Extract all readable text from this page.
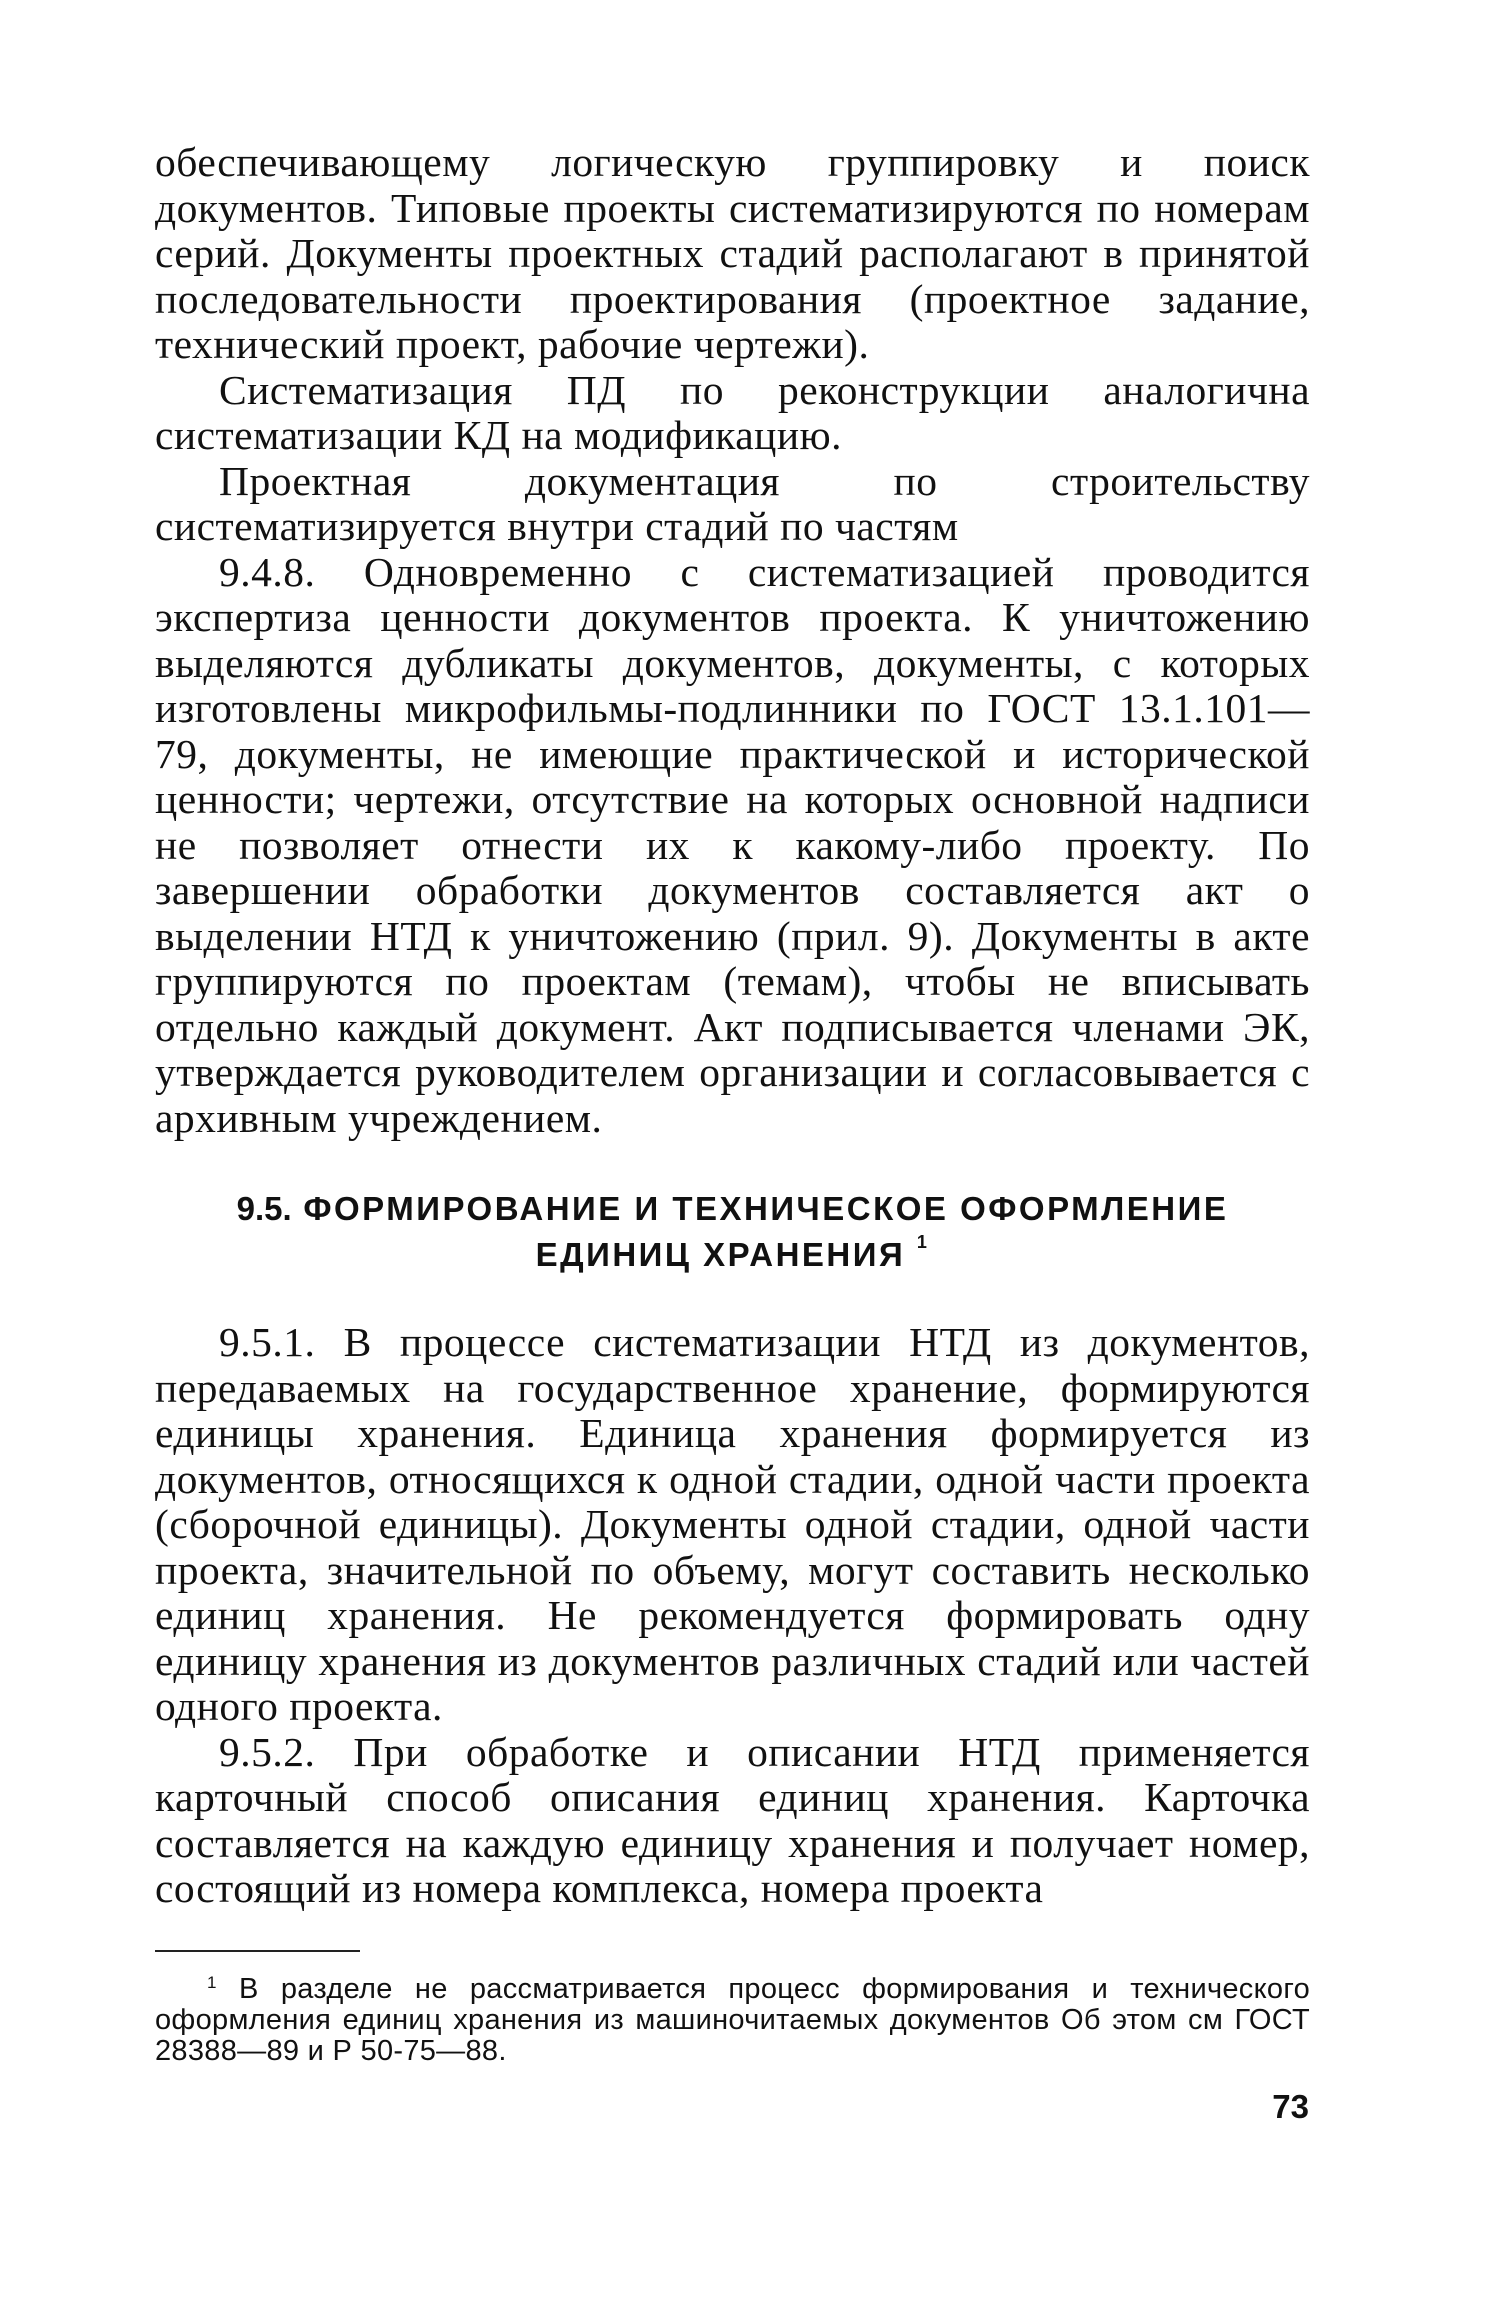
обеспечивающему логическую группировку и поиск документов. Типовые проекты систематизируются по номерам серий. Документы проектных стадий располагают в принятой последовательности проектирования (проектное задание, технический проект, рабочие чертежи).

Систематизация ПД по реконструкции аналогична систематизации КД на модификацию.

Проектная документация по строительству систематизируется внутри стадий по частям

9.4.8. Одновременно с систематизацией проводится экспертиза ценности документов проекта. К уничтожению выделяются дубликаты документов, документы, с которых изготовлены микрофильмы-подлинники по ГОСТ 13.1.101—79, документы, не имеющие практической и исторической ценности; чертежи, отсутствие на которых основной надписи не позволяет отнести их к какому-либо проекту. По завершении обработки документов составляется акт о выделении НТД к уничтожению (прил. 9). Документы в акте группируются по проектам (темам), чтобы не вписывать отдельно каждый документ. Акт подписывается членами ЭК, утверждается руководителем организации и согласовывается с архивным учреждением.

9.5. ФОРМИРОВАНИЕ И ТЕХНИЧЕСКОЕ ОФОРМЛЕНИЕ
ЕДИНИЦ ХРАНЕНИЯ $^1$

9.5.1. В процессе систематизации НТД из документов, передаваемых на государственное хранение, формируются единицы хранения. Единица хранения формируется из документов, относящихся к одной стадии, одной части проекта (сборочной единицы). Документы одной стадии, одной части проекта, значительной по объему, могут составить несколько единиц хранения. Не рекомендуется формировать одну единицу хранения из документов различных стадий или частей одного проекта.

9.5.2. При обработке и описании НТД применяется карточный способ описания единиц хранения. Карточка составляется на каждую единицу хранения и получает номер, состоящий из номера комплекса, номера проекта

$^1$ В разделе не рассматривается процесс формирования и технического оформления единиц хранения из машиночитаемых документов Об этом см ГОСТ 28388—89 и Р 50-75—88.

73
